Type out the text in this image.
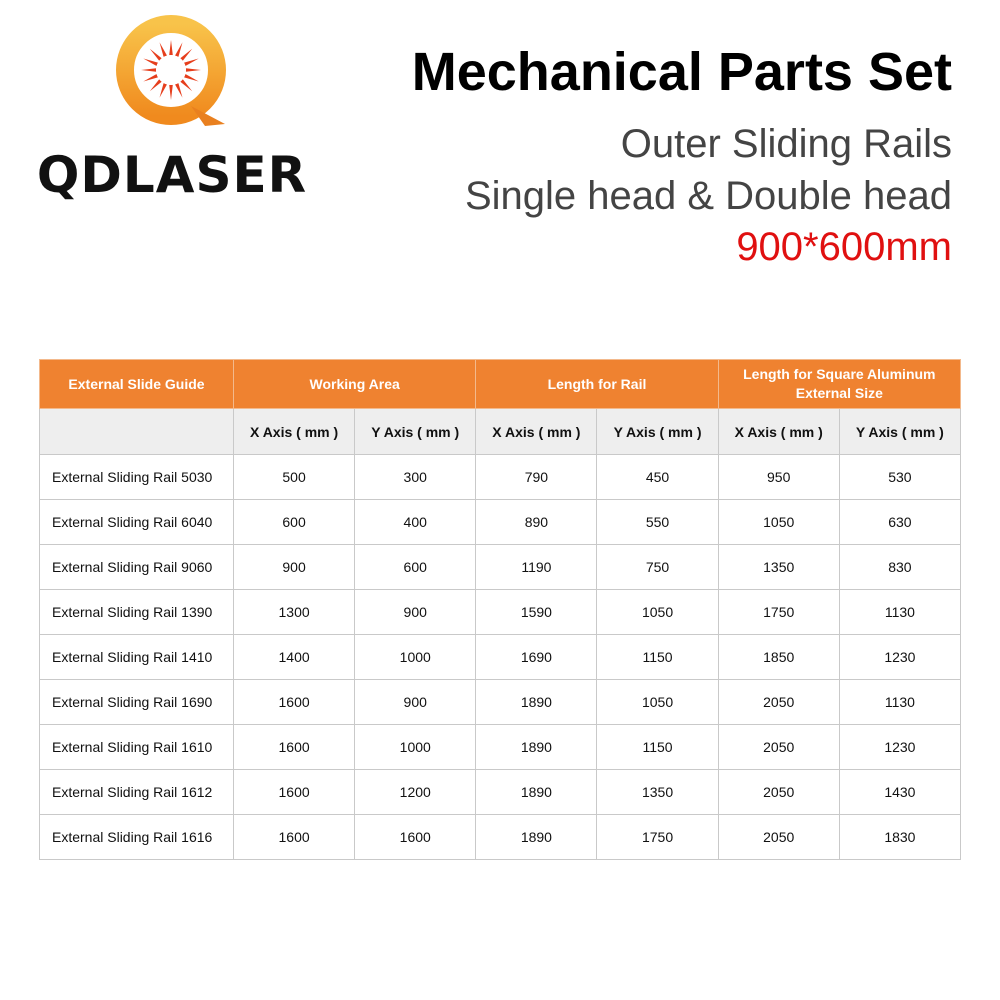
QDLASER
Mechanical Parts Set
Outer Sliding Rails
Single head & Double head
900*600mm
External Slide Guide	Working Area		Length for Rail		Length for Square Aluminum
External Size	
	X Axis ( mm )	Y Axis ( mm )	X Axis ( mm )	Y Axis ( mm )	X Axis ( mm )	Y Axis ( mm )
External Sliding Rail 5030	500	300	790	450	950	530
External Sliding Rail 6040	600	400	890	550	1050	630
External Sliding Rail 9060	900	600	1190	750	1350	830
External Sliding Rail 1390	1300	900	1590	1050	1750	1130
External Sliding Rail 1410	1400	1000	1690	1150	1850	1230
External Sliding Rail 1690	1600	900	1890	1050	2050	1130
External Sliding Rail 1610	1600	1000	1890	1150	2050	1230
External Sliding Rail 1612	1600	1200	1890	1350	2050	1430
External Sliding Rail 1616	1600	1600	1890	1750	2050	1830
